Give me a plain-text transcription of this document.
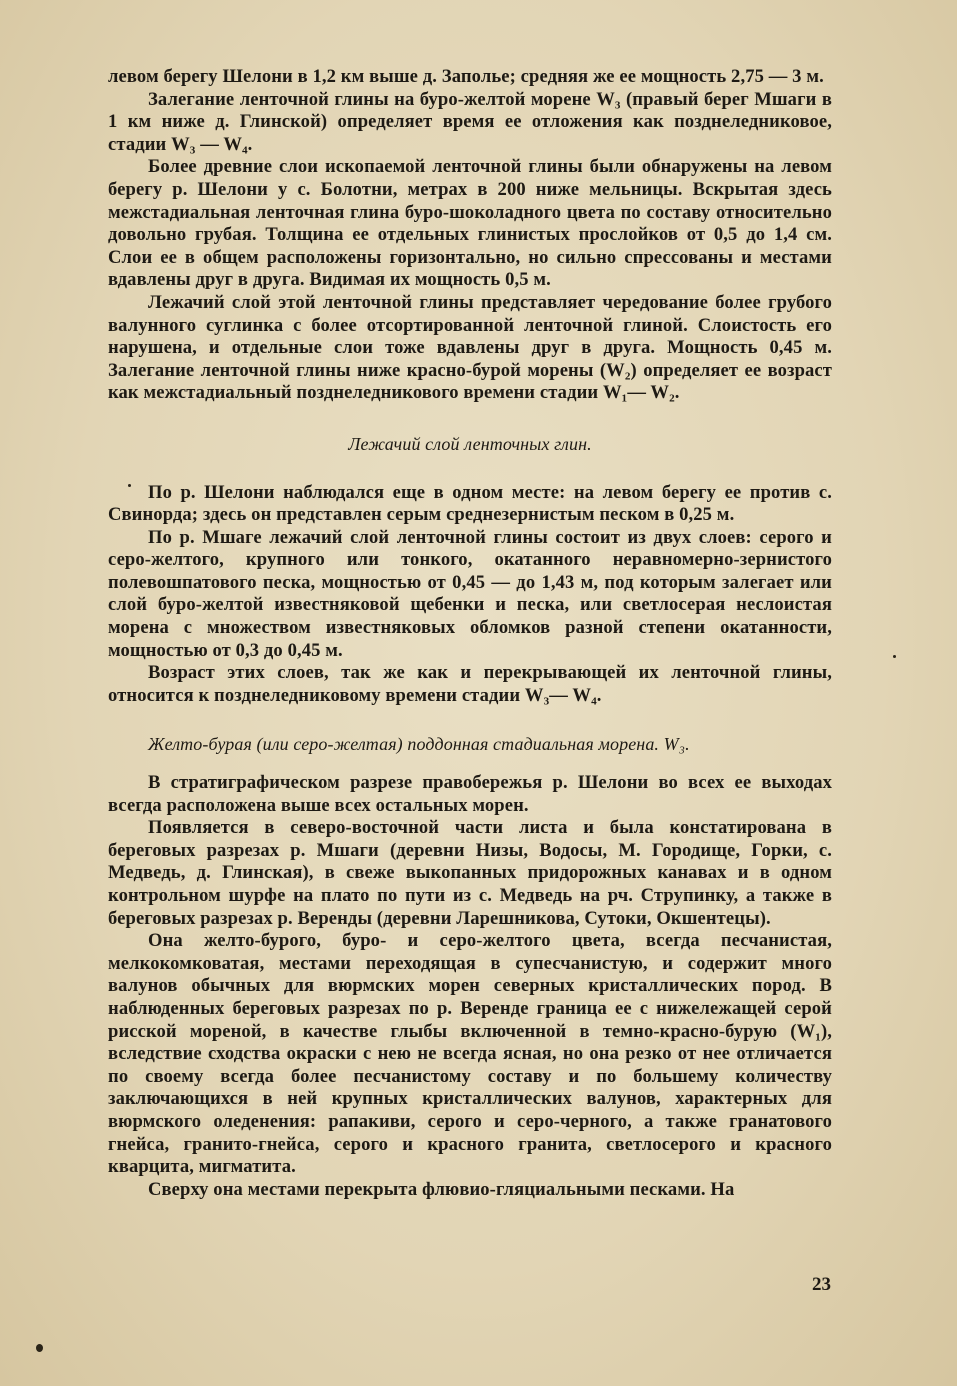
левом берегу Шелони в 1,2 км выше д. Заполье; средняя же ее мощность 2,75 — 3 м.

Залегание ленточной глины на буро-желтой морене W₃ (правый берег Мшаги в 1 км ниже д. Глинской) определяет время ее отложения как позднеледниковое, стадии W₃ — W₄.

Более древние слои ископаемой ленточной глины были обнаружены на левом берегу р. Шелони у с. Болотни, метрах в 200 ниже мельницы. Вскрытая здесь межстадиальная ленточная глина буро-шоколадного цвета по составу относительно довольно грубая. Толщина ее отдельных глинистых прослойков от 0,5 до 1,4 см. Слои ее в общем расположены горизонтально, но сильно спрессованы и местами вдавлены друг в друга. Видимая их мощность 0,5 м.

Лежачий слой этой ленточной глины представляет чередование более грубого валунного суглинка с более отсортированной ленточной глиной. Слоистость его нарушена, и отдельные слои тоже вдавлены друг в друга. Мощность 0,45 м. Залегание ленточной глины ниже красно-бурой морены (W₂) определяет ее возраст как межстадиальный позднеледникового времени стадии W₁— W₂.

Лежачий слой ленточных глин.

По р. Шелони наблюдался еще в одном месте: на левом берегу ее против с. Свинорда; здесь он представлен серым среднезернистым песком в 0,25 м.

По р. Мшаге лежачий слой ленточной глины состоит из двух слоев: серого и серо-желтого, крупного или тонкого, окатанного неравномерно-зернистого полевошпатового песка, мощностью от 0,45 — до 1,43 м, под которым залегает или слой буро-желтой известняковой щебенки и песка, или светлосерая неслоистая морена с множеством известняковых обломков разной степени окатанности, мощностью от 0,3 до 0,45 м.

Возраст этих слоев, так же как и перекрывающей их ленточной глины, относится к позднеледниковому времени стадии W₃— W₄.

Желто-бурая (или серо-желтая) поддонная стадиальная морена. W₃.

В стратиграфическом разрезе правобережья р. Шелони во всех ее выходах всегда расположена выше всех остальных морен.

Появляется в северо-восточной части листа и была констатирована в береговых разрезах р. Мшаги (деревни Низы, Водосы, М. Городище, Горки, с. Медведь, д. Глинская), в свеже выкопанных придорожных канавах и в одном контрольном шурфе на плато по пути из с. Медведь на рч. Струпинку, а также в береговых разрезах р. Веренды (деревни Ларешникова, Сутоки, Окшентецы).

Она желто-бурого, буро- и серо-желтого цвета, всегда песчанистая, мелкокомковатая, местами переходящая в супесчанистую, и содержит много валунов обычных для вюрмских морен северных кристаллических пород. В наблюденных береговых разрезах по р. Веренде граница ее с нижележащей серой рисской мореной, в качестве глыбы включенной в темно-красно-бурую (W₁), вследствие сходства окраски с нею не всегда ясная, но она резко от нее отличается по своему всегда более песчанистому составу и по большему количеству заключающихся в ней крупных кристаллических валунов, характерных для вюрмского оледенения: рапакиви, серого и серо-черного, а также гранатового гнейса, гранито-гнейса, серого и красного гранита, светлосерого и красного кварцита, мигматита.

Сверху она местами перекрыта флювио-гляциальными песками. На

23
